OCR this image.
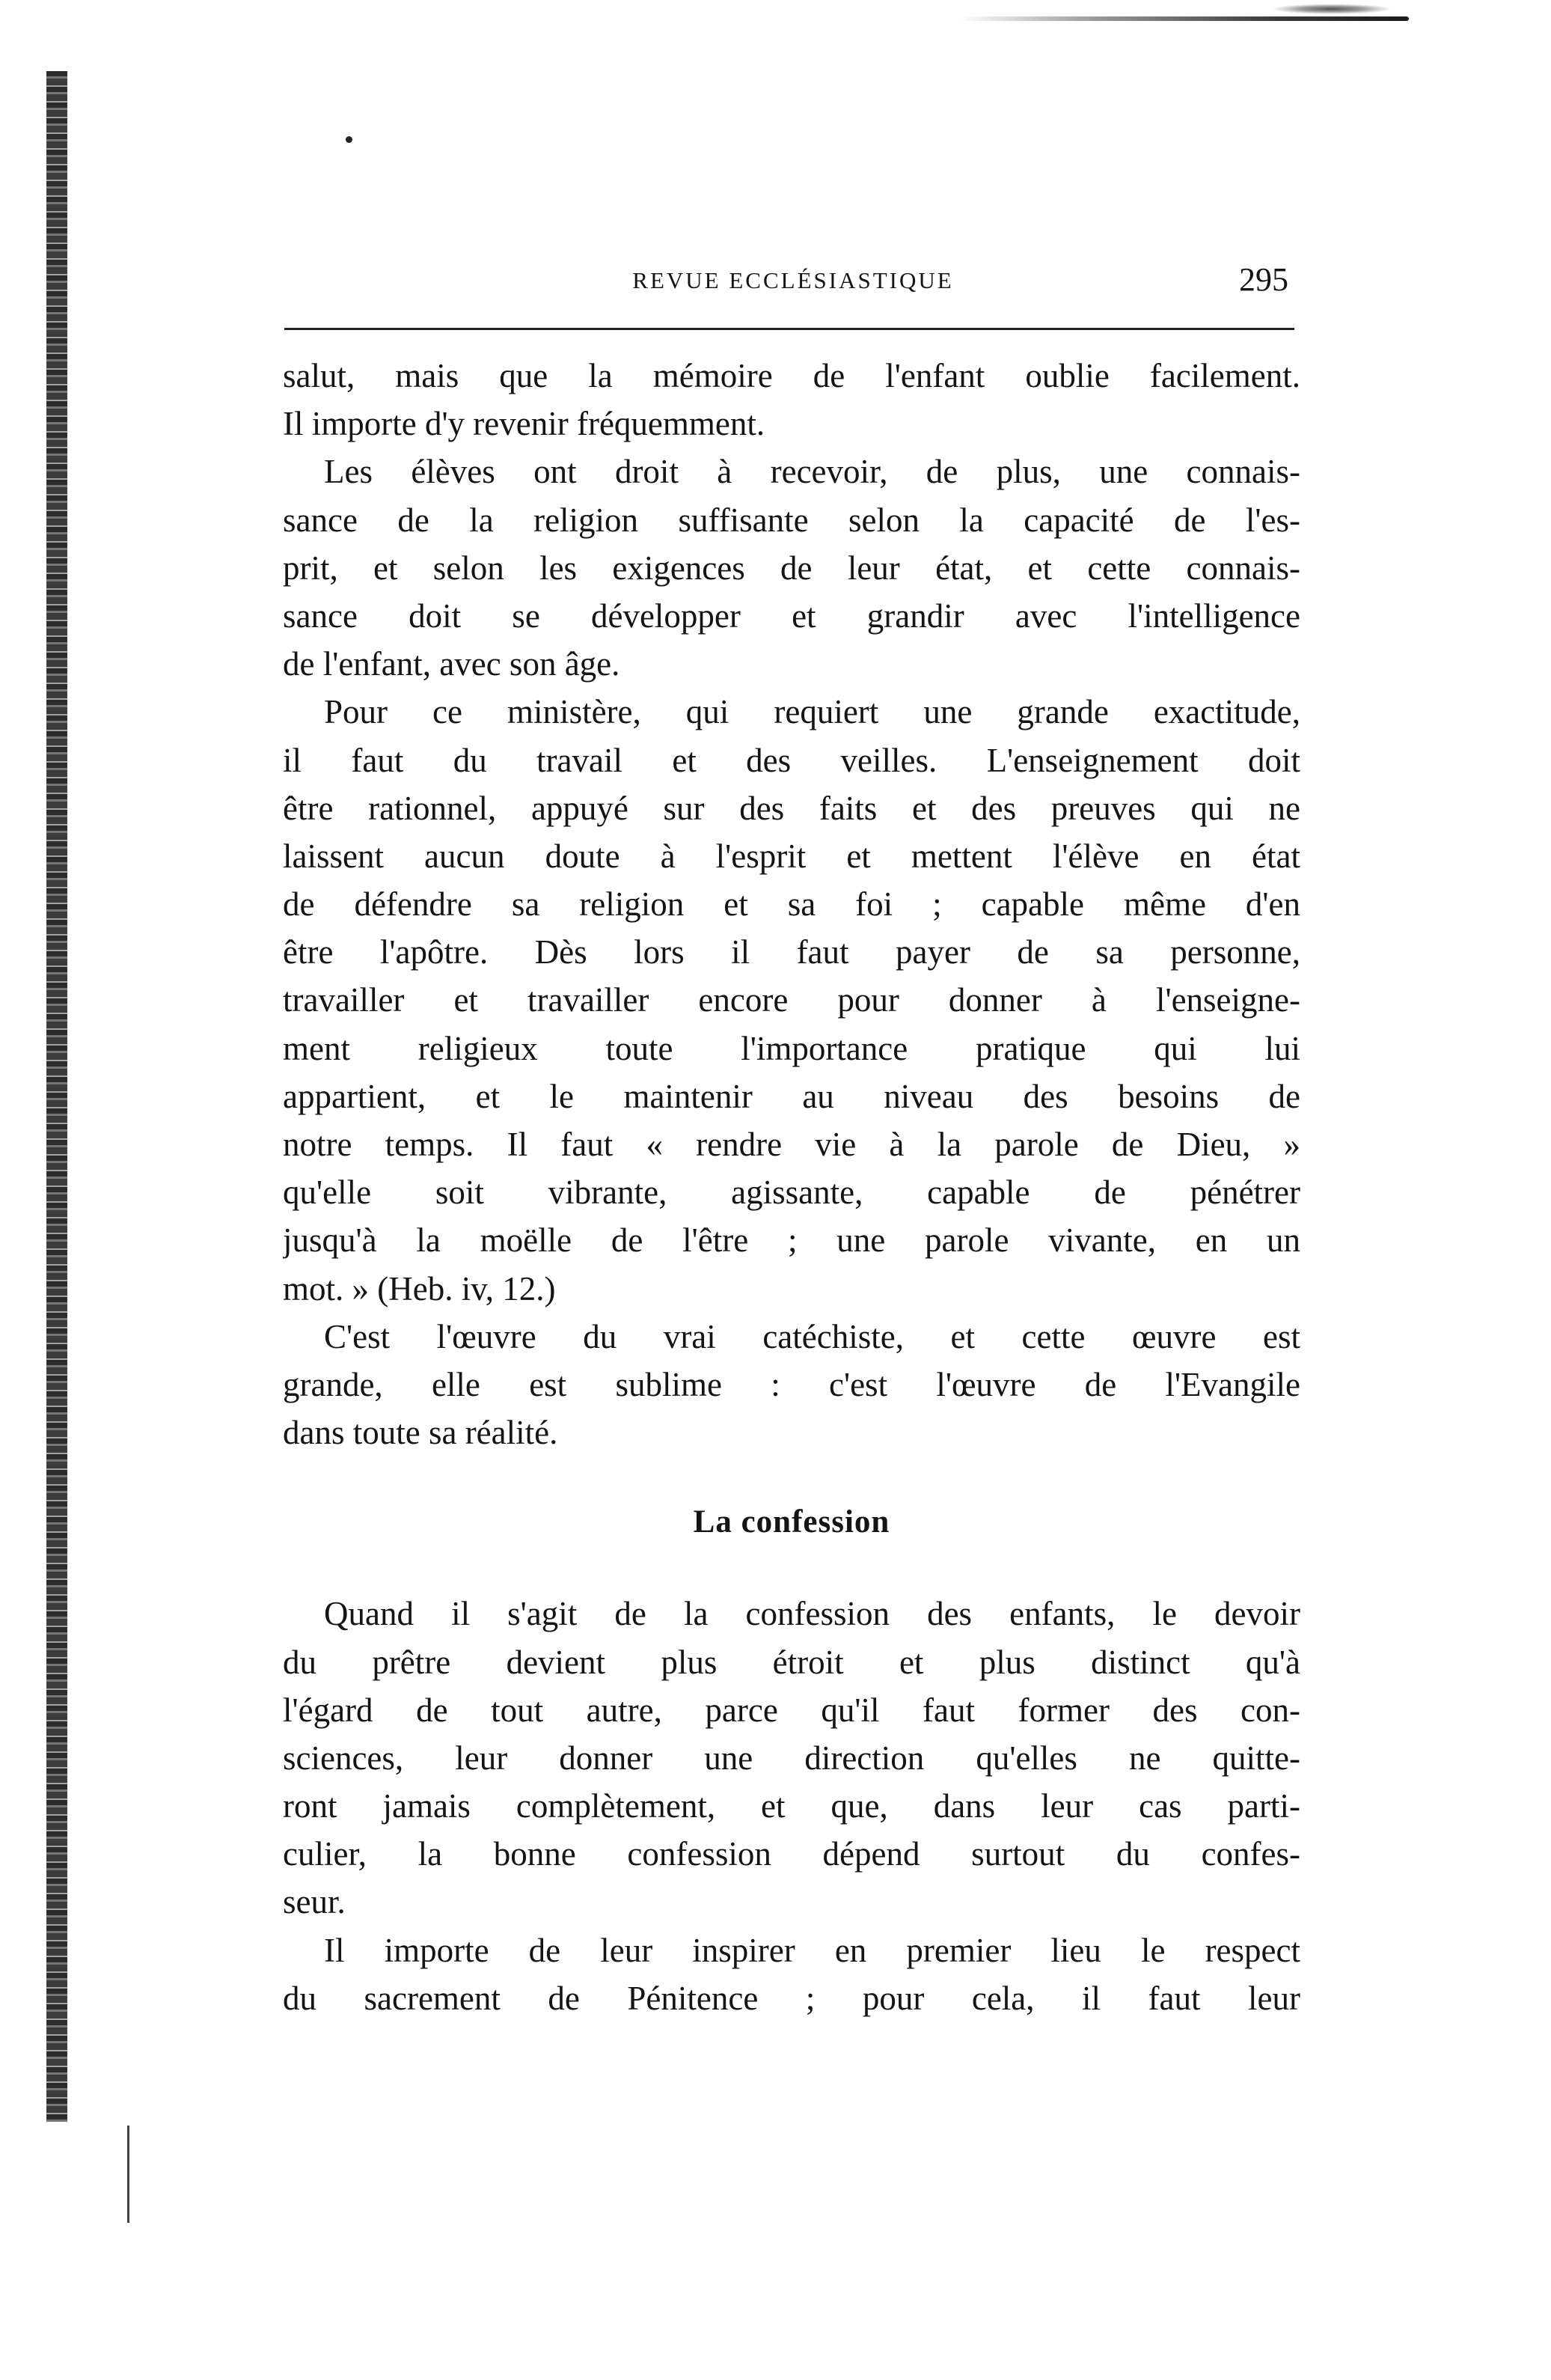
REVUE ECCLÉSIASTIQUE	295
salut, mais que la mémoire de l'enfant oublie facilement.
Il importe d'y revenir fréquemment.
Les élèves ont droit à recevoir, de plus, une connais-
sance de la religion suffisante selon la capacité de l'es-
prit, et selon les exigences de leur état, et cette connais-
sance doit se développer et grandir avec l'intelligence
de l'enfant, avec son âge.
Pour ce ministère, qui requiert une grande exactitude,
il faut du travail et des veilles. L'enseignement doit
être rationnel, appuyé sur des faits et des preuves qui ne
laissent aucun doute à l'esprit et mettent l'élève en état
de défendre sa religion et sa foi ; capable même d'en
être l'apôtre. Dès lors il faut payer de sa personne,
travailler et travailler encore pour donner à l'enseigne-
ment religieux toute l'importance pratique qui lui
appartient, et le maintenir au niveau des besoins de
notre temps. Il faut « rendre vie à la parole de Dieu, »
qu'elle soit vibrante, agissante, capable de pénétrer
jusqu'à la moëlle de l'être ; une parole vivante, en un
mot. » (Heb. iv, 12.)
C'est l'œuvre du vrai catéchiste, et cette œuvre est
grande, elle est sublime : c'est l'œuvre de l'Evangile
dans toute sa réalité.
La confession
Quand il s'agit de la confession des enfants, le devoir
du prêtre devient plus étroit et plus distinct qu'à
l'égard de tout autre, parce qu'il faut former des con-
sciences, leur donner une direction qu'elles ne quitte-
ront jamais complètement, et que, dans leur cas parti-
culier, la bonne confession dépend surtout du confes-
seur.
Il importe de leur inspirer en premier lieu le respect
du sacrement de Pénitence ; pour cela, il faut leur
